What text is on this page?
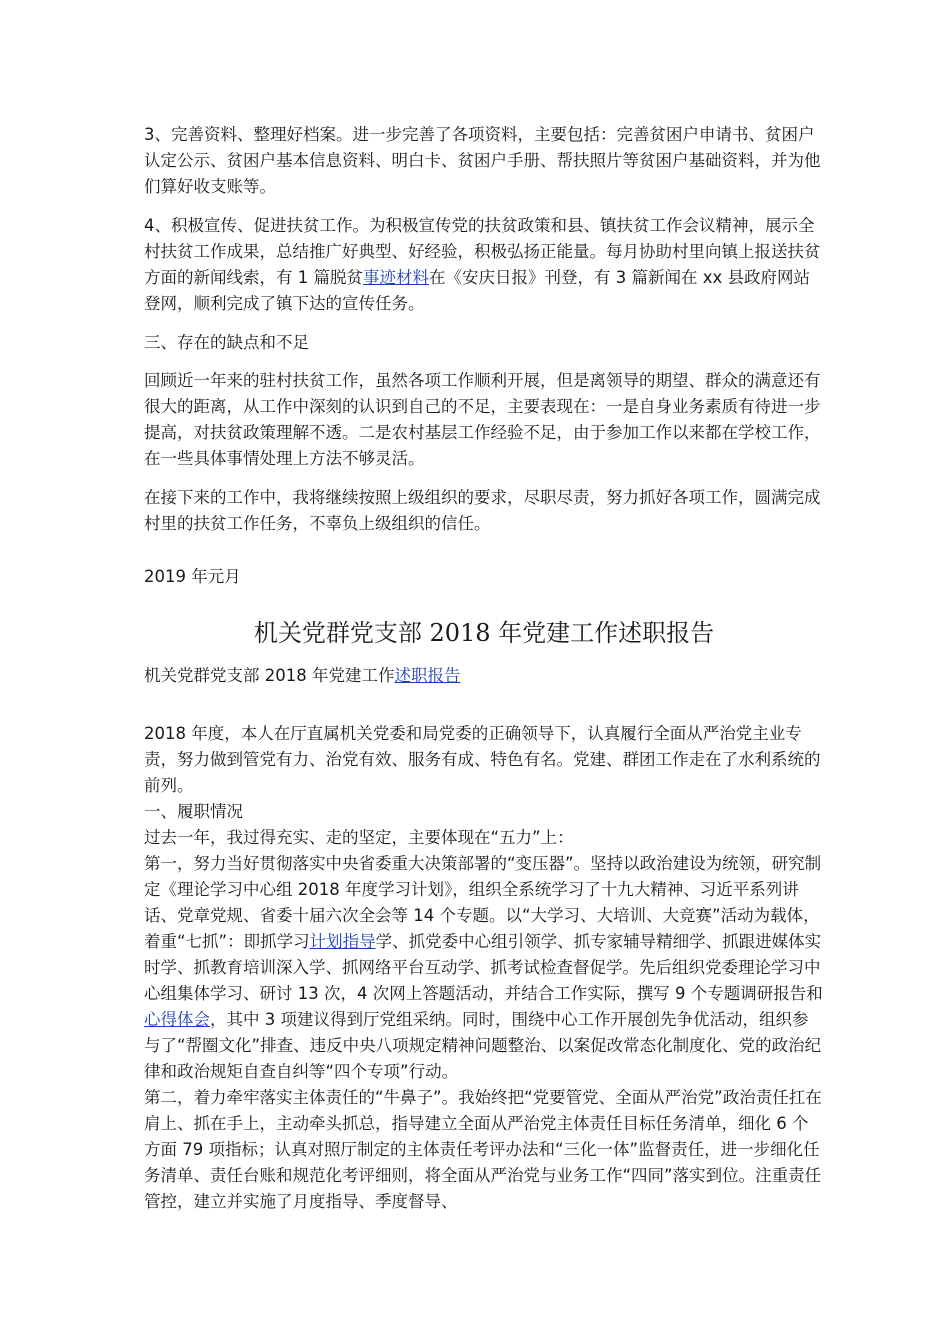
3、完善资料、整理好档案。进一步完善了各项资料，主要包括：完善贫困户申请书、贫困户认定公示、贫困户基本信息资料、明白卡、贫困户手册、帮扶照片等贫困户基础资料，并为他们算好收支账等。

4、积极宣传、促进扶贫工作。为积极宣传党的扶贫政策和县、镇扶贫工作会议精神，展示全村扶贫工作成果，总结推广好典型、好经验，积极弘扬正能量。每月协助村里向镇上报送扶贫方面的新闻线索，有 1 篇脱贫事迹材料在《安庆日报》刊登，有 3 篇新闻在 xx 县政府网站登网，顺利完成了镇下达的宣传任务。

三、存在的缺点和不足

回顾近一年来的驻村扶贫工作，虽然各项工作顺利开展，但是离领导的期望、群众的满意还有很大的距离，从工作中深刻的认识到自己的不足，主要表现在：一是自身业务素质有待进一步提高，对扶贫政策理解不透。二是农村基层工作经验不足，由于参加工作以来都在学校工作，在一些具体事情处理上方法不够灵活。

在接下来的工作中，我将继续按照上级组织的要求，尽职尽责，努力抓好各项工作，圆满完成村里的扶贫工作任务，不辜负上级组织的信任。

2019 年元月

机关党群党支部 2018 年党建工作述职报告

机关党群党支部 2018 年党建工作述职报告

2018 年度，本人在厅直属机关党委和局党委的正确领导下，认真履行全面从严治党主业专责，努力做到管党有力、治党有效、服务有成、特色有名。党建、群团工作走在了水利系统的前列。

一、履职情况

过去一年，我过得充实、走的坚定，主要体现在“五力”上：

第一，努力当好贯彻落实中央省委重大决策部署的“变压器”。坚持以政治建设为统领，研究制定《理论学习中心组 2018 年度学习计划》，组织全系统学习了十九大精神、习近平系列讲话、党章党规、省委十届六次全会等 14 个专题。以“大学习、大培训、大竞赛”活动为载体，着重“七抓”：即抓学习计划指导学、抓党委中心组引领学、抓专家辅导精细学、抓跟进媒体实时学、抓教育培训深入学、抓网络平台互动学、抓考试检查督促学。先后组织党委理论学习中心组集体学习、研讨 13 次，4 次网上答题活动，并结合工作实际，撰写 9 个专题调研报告和心得体会，其中 3 项建议得到厅党组采纳。同时，围绕中心工作开展创先争优活动，组织参与了“帮圈文化”排查、违反中央八项规定精神问题整治、以案促改常态化制度化、党的政治纪律和政治规矩自查自纠等“四个专项”行动。

第二，着力牵牢落实主体责任的“牛鼻子”。我始终把“党要管党、全面从严治党”政治责任扛在肩上、抓在手上，主动牵头抓总，指导建立全面从严治党主体责任目标任务清单，细化 6 个方面 79 项指标；认真对照厅制定的主体责任考评办法和“三化一体”监督责任，进一步细化任务清单、责任台账和规范化考评细则，将全面从严治党与业务工作“四同”落实到位。注重责任管控，建立并实施了月度指导、季度督导、
